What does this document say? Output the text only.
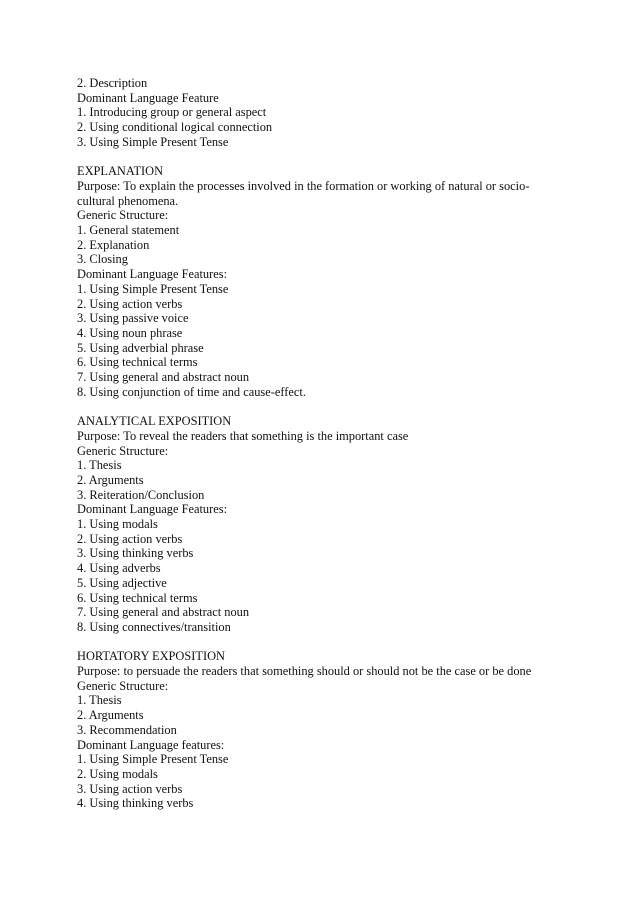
2. Description
Dominant Language Feature
1. Introducing group or general aspect
2. Using conditional logical connection
3. Using Simple Present Tense
EXPLANATION
Purpose: To explain the processes involved in the formation or working of natural or socio-cultural phenomena.
Generic Structure:
1. General statement
2. Explanation
3. Closing
Dominant Language Features:
1. Using Simple Present Tense
2. Using action verbs
3. Using passive voice
4. Using noun phrase
5. Using adverbial phrase
6. Using technical terms
7. Using general and abstract noun
8. Using conjunction of time and cause-effect.
ANALYTICAL EXPOSITION
Purpose: To reveal the readers that something is the important case
Generic Structure:
1. Thesis
2. Arguments
3. Reiteration/Conclusion
Dominant Language Features:
1. Using modals
2. Using action verbs
3. Using thinking verbs
4. Using adverbs
5. Using adjective
6. Using technical terms
7. Using general and abstract noun
8. Using connectives/transition
HORTATORY EXPOSITION
Purpose: to persuade the readers that something should or should not be the case or be done
Generic Structure:
1. Thesis
2. Arguments
3. Recommendation
Dominant Language features:
1. Using Simple Present Tense
2. Using modals
3. Using action verbs
4. Using thinking verbs
